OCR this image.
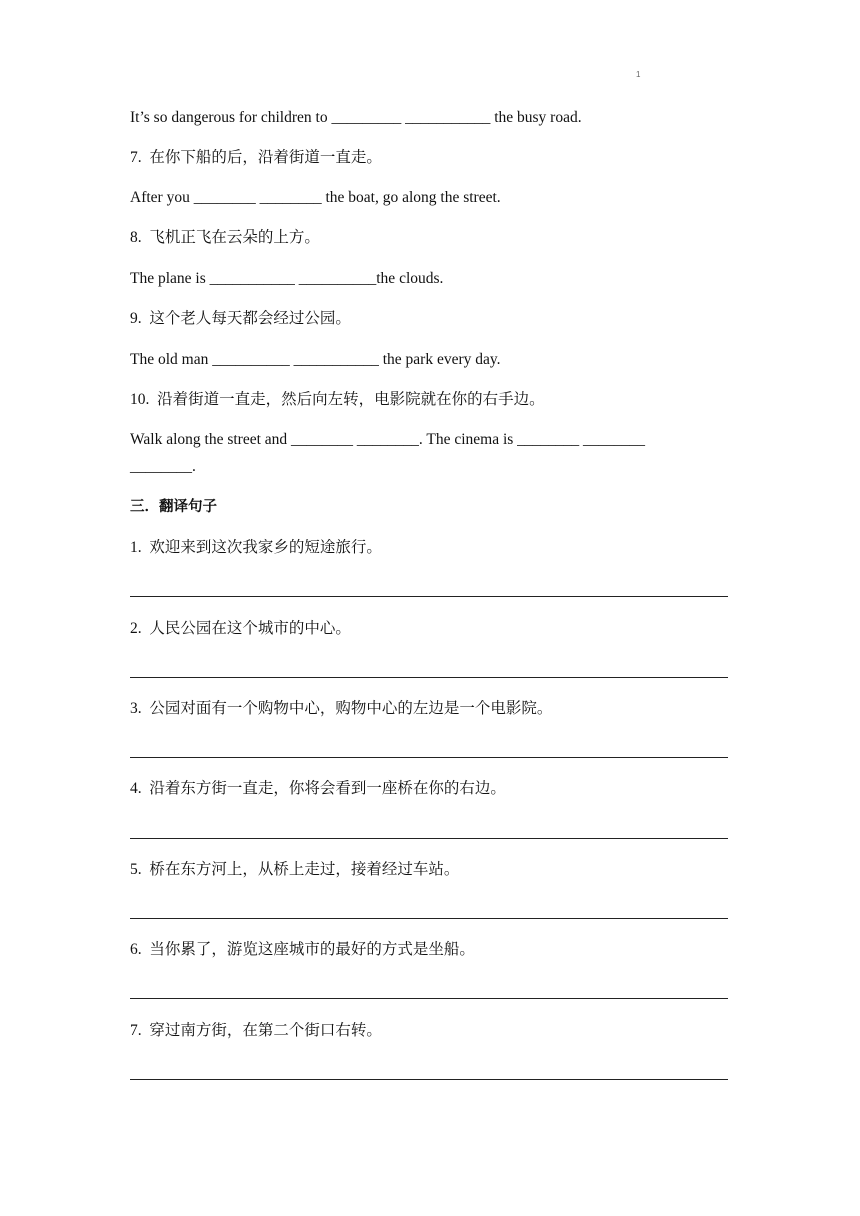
1
It’s so dangerous for children to _________ ___________ the busy road.
7.  在你下船的后，沿着街道一直走。
After you ________ ________ the boat, go along the street.
8.  飞机正飞在云朵的上方。
The plane is ___________ __________the clouds.
9.  这个老人每天都会经过公园。
The old man __________ ___________ the park every day.
10.  沿着街道一直走，然后向左转，电影院就在你的右手边。
Walk along the street and ________ ________. The cinema is ________ ________
________.
三．翻译句子
1.  欢迎来到这次我家乡的短途旅行。
2.  人民公园在这个城市的中心。
3.  公园对面有一个购物中心，购物中心的左边是一个电影院。
4.  沿着东方街一直走，你将会看到一座桥在你的右边。
5.  桥在东方河上，从桥上走过，接着经过车站。
6.  当你累了，游览这座城市的最好的方式是坐船。
7.  穿过南方街，在第二个街口右转。
